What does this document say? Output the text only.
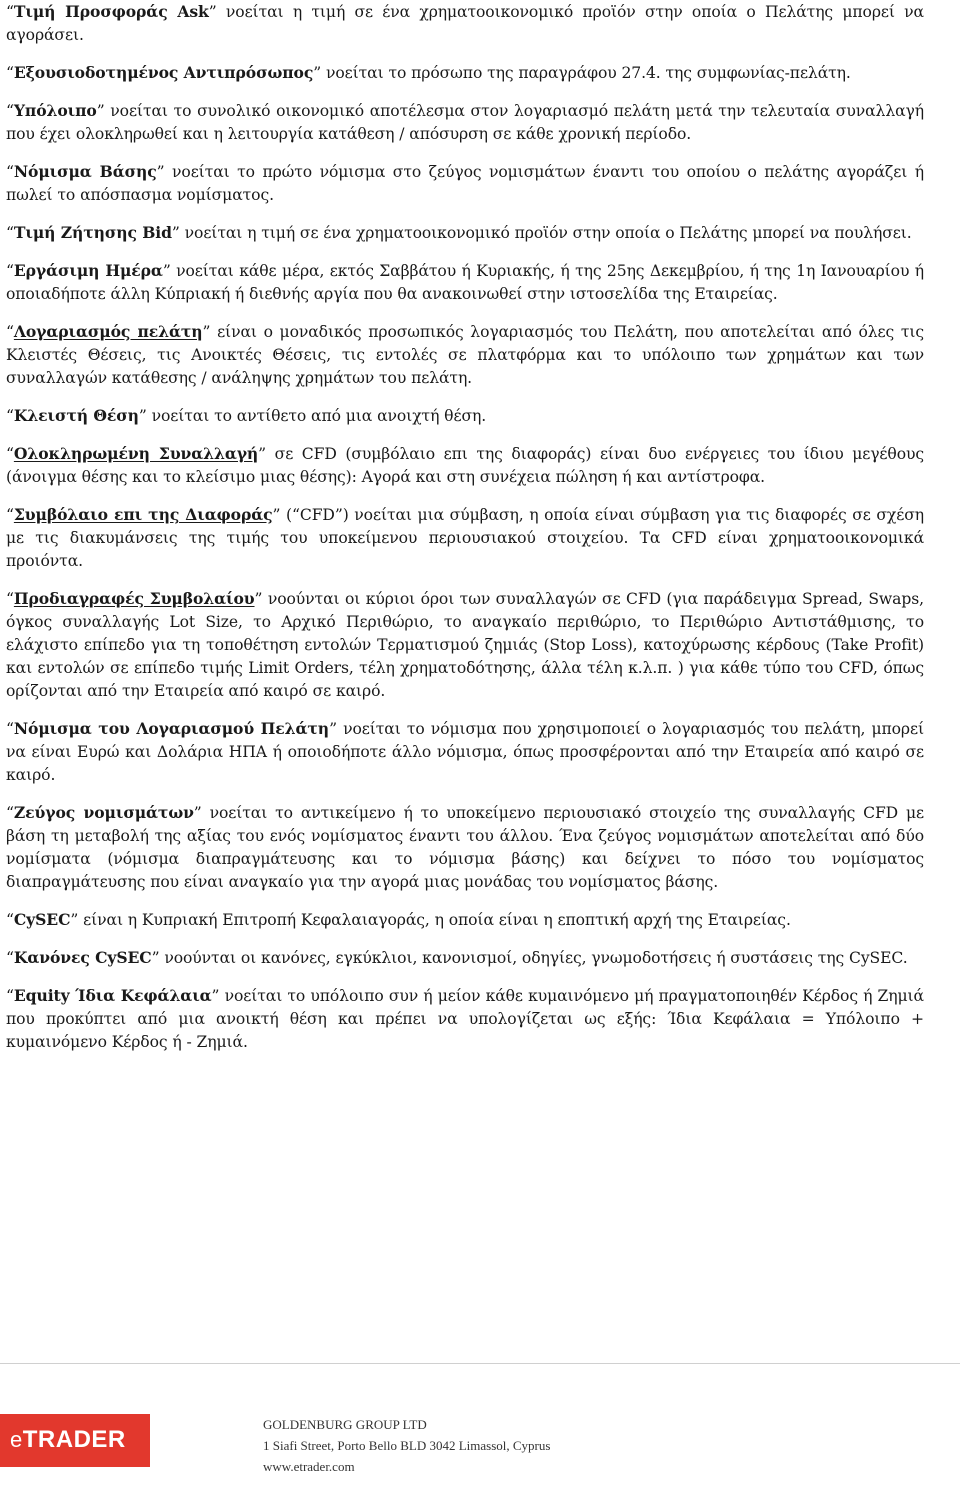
“Τιμή Προσφοράς Ask” νοείται η τιμή σε ένα χρηματοοικονομικό προϊόν στην οποία ο Πελάτης μπορεί να αγοράσει.

“Εξουσιοδοτημένος Αντιπρόσωπος” νοείται το πρόσωπο της παραγράφου 27.4. της συμφωνίας-πελάτη.

“Υπόλοιπο” νοείται το συνολικό οικονομικό αποτέλεσμα στον λογαριασμό πελάτη μετά την τελευταία συναλλαγή που έχει ολοκληρωθεί και η λειτουργία κατάθεση / απόσυρση σε κάθε χρονική περίοδο.

“Νόμισμα Βάσης” νοείται το πρώτο νόμισμα στο ζεύγος νομισμάτων έναντι του οποίου ο πελάτης αγοράζει ή πωλεί το απόσπασμα νομίσματος.

“Τιμή Ζήτησης Bid” νοείται η τιμή σε ένα χρηματοοικονομικό προϊόν στην οποία ο Πελάτης μπορεί να πουλήσει.

“Εργάσιμη Ημέρα” νοείται κάθε μέρα, εκτός Σαββάτου ή Κυριακής, ή της 25ης Δεκεμβρίου, ή της 1η Ιανουαρίου ή οποιαδήποτε άλλη Κύπριακή ή διεθνής αργία που θα ανακοινωθεί στην ιστοσελίδα της Εταιρείας.

“Λογαριασμός πελάτη” είναι ο μοναδικός προσωπικός λογαριασμός του Πελάτη, που αποτελείται από όλες τις Κλειστές Θέσεις, τις Ανοικτές Θέσεις, τις εντολές σε πλατφόρμα και το υπόλοιπο των χρημάτων και των συναλλαγών κατάθεσης / ανάληψης χρημάτων του πελάτη.

“Κλειστή Θέση” νοείται το αντίθετο από μια ανοιχτή θέση.

“Ολοκληρωμένη Συναλλαγή” σε CFD (συμβόλαιο επι της διαφοράς) είναι δυο ενέργειες του ίδιου μεγέθους (άνοιγμα θέσης και το κλείσιμο μιας θέσης): Αγορά και στη συνέχεια πώληση ή και αντίστροφα.

“Συμβόλαιο επι της Διαφοράς” (“CFD”) νοείται μια σύμβαση, η οποία είναι σύμβαση για τις διαφορές σε σχέση με τις διακυμάνσεις της τιμής του υποκείμενου περιουσιακού στοιχείου. Τα CFD είναι χρηματοοικονομικά προιόντα.

“Προδιαγραφές Συμβολαίου” νοούνται οι κύριοι όροι των συναλλαγών σε CFD (για παράδειγμα Spread, Swaps, όγκος συναλλαγής Lot Size, το Αρχικό Περιθώριο, το αναγκαίο περιθώριο, το Περιθώριο Αντιστάθμισης, το ελάχιστο επίπεδο για τη τοποθέτηση εντολών Τερματισμού ζημιάς (Stop Loss), κατοχύρωσης κέρδους (Take Profit) και εντολών σε επίπεδο τιμής Limit Orders, τέλη χρηματοδότησης, άλλα τέλη κ.λ.π. ) για κάθε τύπο του CFD, όπως ορίζονται από την Εταιρεία από καιρό σε καιρό.

“Νόμισμα του Λογαριασμού Πελάτη” νοείται το νόμισμα που χρησιμοποιεί ο λογαριασμός του πελάτη, μπορεί να είναι Ευρώ και Δολάρια ΗΠΑ ή οποιοδήποτε άλλο νόμισμα, όπως προσφέρονται από την Εταιρεία από καιρό σε καιρό.

“Ζεύγος νομισμάτων” νοείται το αντικείμενο ή το υποκείμενο περιουσιακό στοιχείο της συναλλαγής CFD με βάση τη μεταβολή της αξίας του ενός νομίσματος έναντι του άλλου. Ένα ζεύγος νομισμάτων αποτελείται από δύο νομίσματα (νόμισμα διαπραγμάτευσης και το νόμισμα βάσης) και δείχνει το πόσο του νομίσματος διαπραγμάτευσης που είναι αναγκαίο για την αγορά μιας μονάδας του νομίσματος βάσης.

“CySEC” είναι η Κυπριακή Επιτροπή Κεφαλαιαγοράς, η οποία είναι η εποπτική αρχή της Εταιρείας.

“Κανόνες CySEC” νοούνται οι κανόνες, εγκύκλιοι, κανονισμοί, οδηγίες, γνωμοδοτήσεις ή συστάσεις της CySEC.

“Equity Ίδια Κεφάλαια” νοείται το υπόλοιπο συν ή μείον κάθε κυμαινόμενο μή πραγματοποιηθέν Κέρδος ή Ζημιά που προκύπτει από μια ανοικτή θέση και πρέπει να υπολογίζεται ως εξής: Ίδια Κεφάλαια = Υπόλοιπο + κυμαινόμενο Κέρδος ή - Ζημιά.

eTRADER
GOLDENBURG GROUP LTD
1 Siafi Street, Porto Bello BLD 3042 Limassol, Cyprus
www.etrader.com
